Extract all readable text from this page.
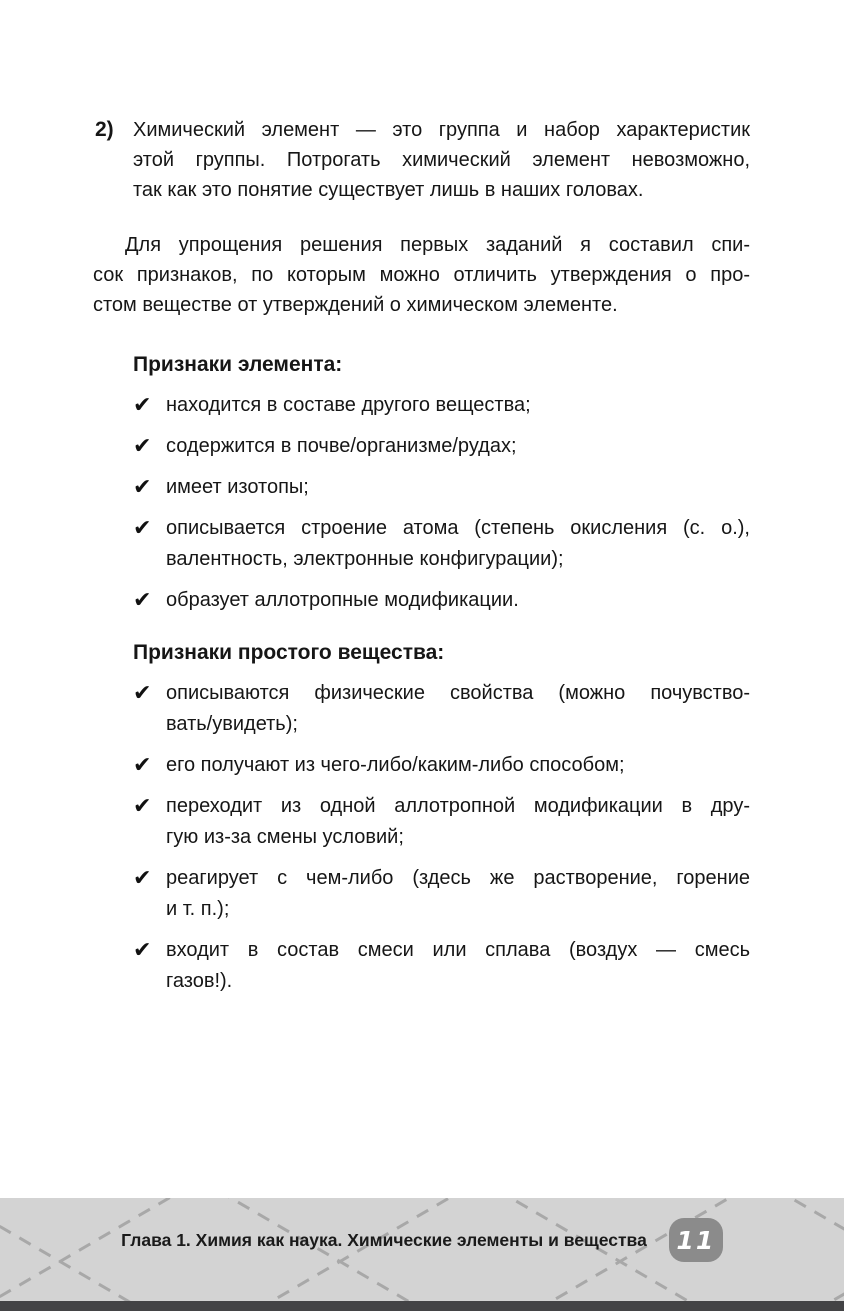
2) Химический элемент — это группа и набор характеристик
этой группы. Потрогать химический элемент невозможно,
так как это понятие существует лишь в наших головах.
Для упрощения решения первых заданий я составил спи-
сок признаков, по которым можно отличить утверждения о про-
стом веществе от утверждений о химическом элементе.
Признаки элемента:
✔ находится в составе другого вещества;
✔ содержится в почве/организме/рудах;
✔ имеет изотопы;
✔ описывается строение атома (степень окисления (с. о.),
валентность, электронные конфигурации);
✔ образует аллотропные модификации.
Признаки простого вещества:
✔ описываются физические свойства (можно почувство-
вать/увидеть);
✔ его получают из чего-либо/каким-либо способом;
✔ переходит из одной аллотропной модификации в дру-
гую из-за смены условий;
✔ реагирует с чем-либо (здесь же растворение, горение
и т. п.);
✔ входит в состав смеси или сплава (воздух — смесь
газов!).
Глава 1. Химия как наука. Химические элементы и вещества	11
